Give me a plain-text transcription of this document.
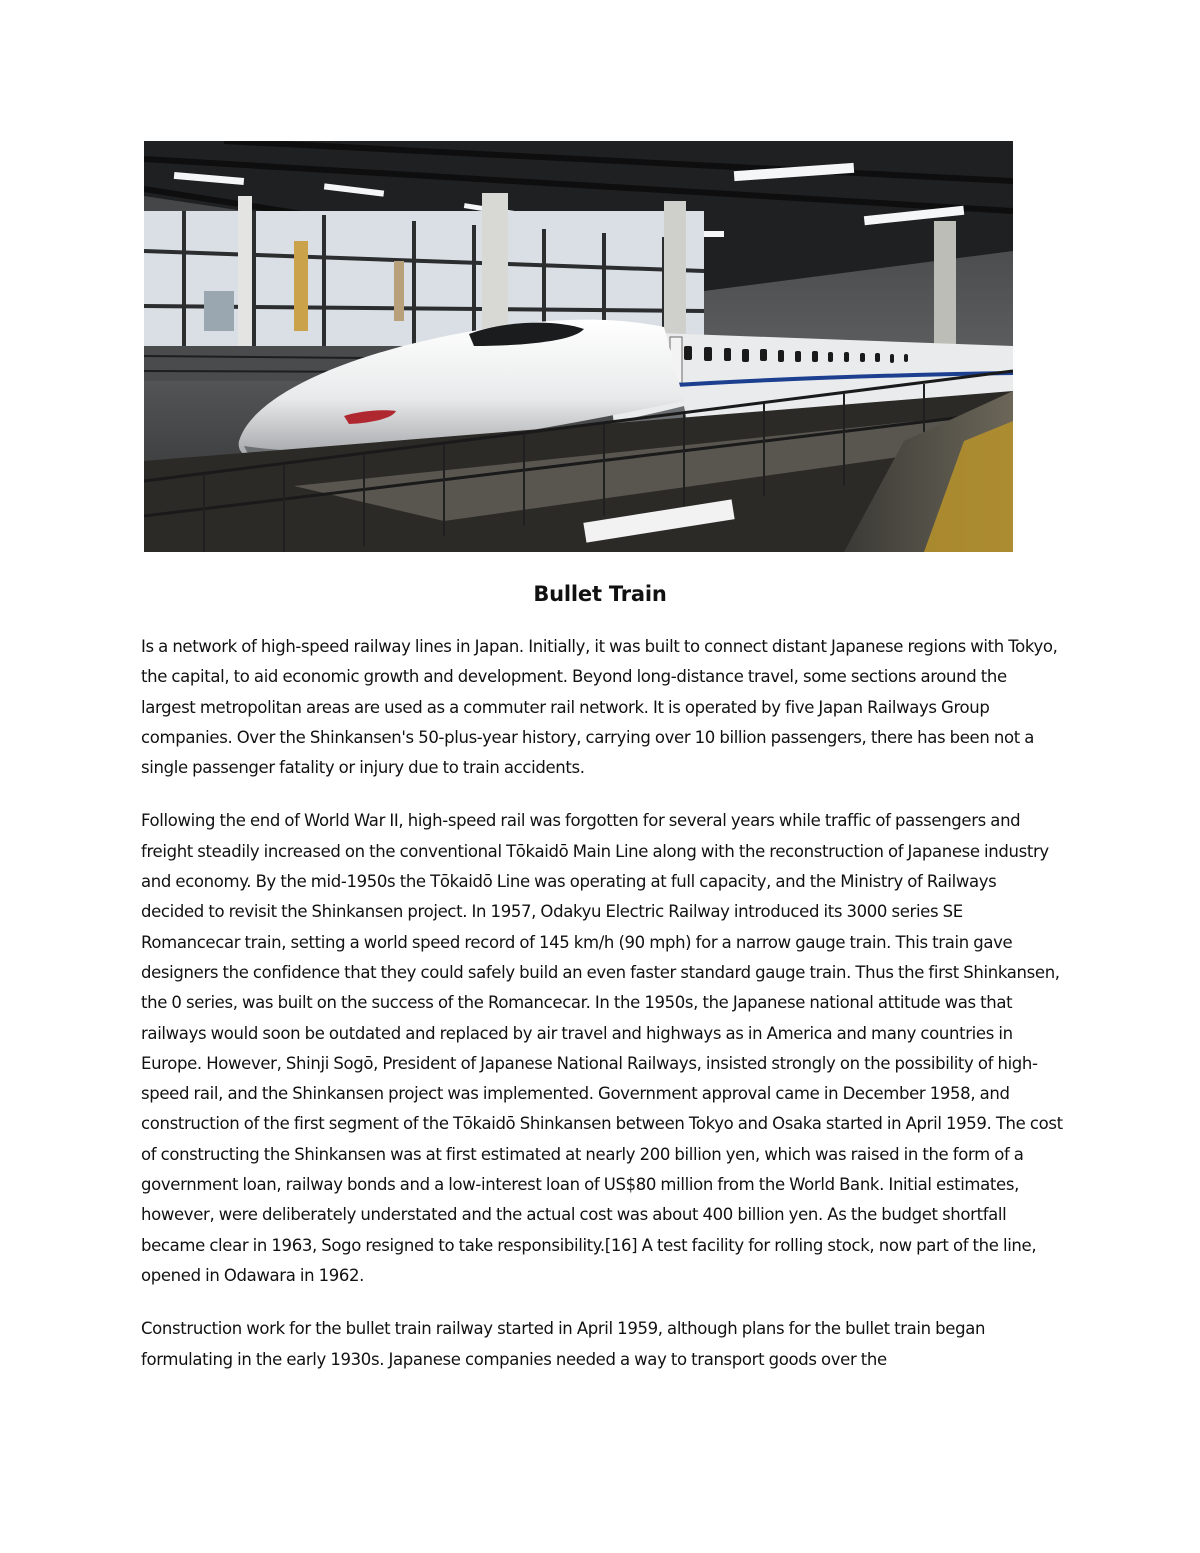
Bullet Train

Is a network of high-speed railway lines in Japan. Initially, it was built to connect distant Japanese regions with Tokyo, the capital, to aid economic growth and development. Beyond long-distance travel, some sections around the largest metropolitan areas are used as a commuter rail network. It is operated by five Japan Railways Group companies. Over the Shinkansen's 50-plus-year history, carrying over 10 billion passengers, there has been not a single passenger fatality or injury due to train accidents.

Following the end of World War II, high-speed rail was forgotten for several years while traffic of passengers and freight steadily increased on the conventional Tōkaidō Main Line along with the reconstruction of Japanese industry and economy. By the mid-1950s the Tōkaidō Line was operating at full capacity, and the Ministry of Railways decided to revisit the Shinkansen project. In 1957, Odakyu Electric Railway introduced its 3000 series SE Romancecar train, setting a world speed record of 145 km/h (90 mph) for a narrow gauge train. This train gave designers the confidence that they could safely build an even faster standard gauge train. Thus the first Shinkansen, the 0 series, was built on the success of the Romancecar. In the 1950s, the Japanese national attitude was that railways would soon be outdated and replaced by air travel and highways as in America and many countries in Europe. However, Shinji Sogō, President of Japanese National Railways, insisted strongly on the possibility of high-speed rail, and the Shinkansen project was implemented. Government approval came in December 1958, and construction of the first segment of the Tōkaidō Shinkansen between Tokyo and Osaka started in April 1959. The cost of constructing the Shinkansen was at first estimated at nearly 200 billion yen, which was raised in the form of a government loan, railway bonds and a low-interest loan of US$80 million from the World Bank. Initial estimates, however, were deliberately understated and the actual cost was about 400 billion yen. As the budget shortfall became clear in 1963, Sogo resigned to take responsibility.[16] A test facility for rolling stock, now part of the line, opened in Odawara in 1962.

Construction work for the bullet train railway started in April 1959, although plans for the bullet train began formulating in the early 1930s. Japanese companies needed a way to transport goods over the
